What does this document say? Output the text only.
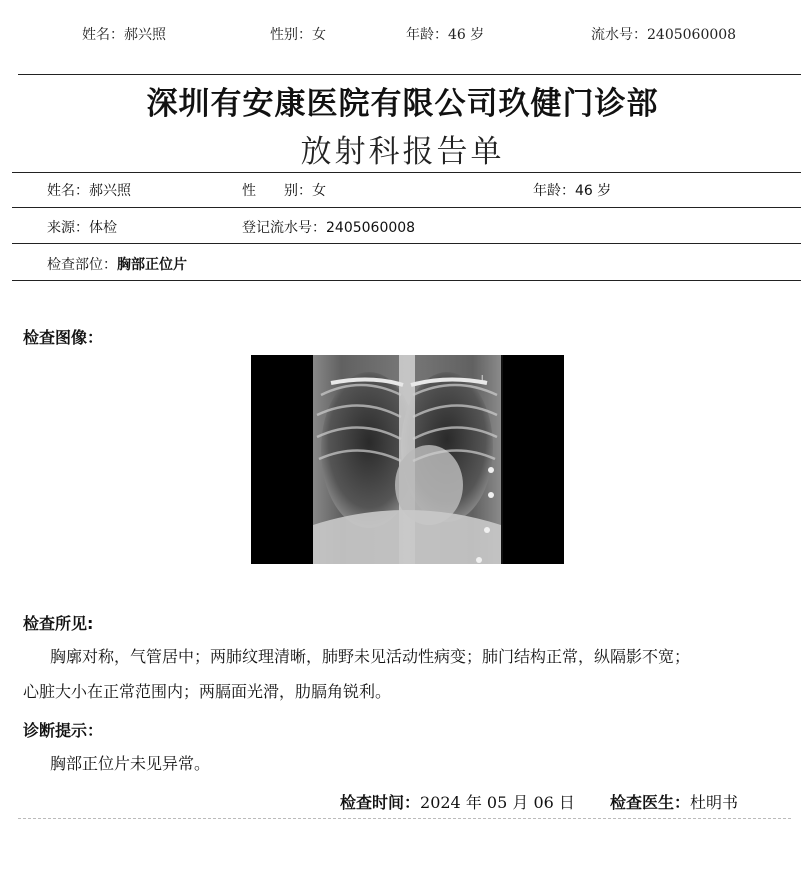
姓名：郝兴照	性别：女	年龄：46 岁	流水号：2405060008
深圳有安康医院有限公司玖健门诊部
放射科报告单
姓名：郝兴照	性　　别：女	年龄：46 岁
来源：体检	登记流水号：2405060008
检查部位：胸部正位片
检查图像：
L
检查所见:
胸廓对称，气管居中；两肺纹理清晰，肺野未见活动性病变；肺门结构正常，纵隔影不宽；
心脏大小在正常范围内；两膈面光滑，肋膈角锐利。
诊断提示：
胸部正位片未见异常。
检查时间：2024 年 05 月 06 日 检查医生：杜明书
